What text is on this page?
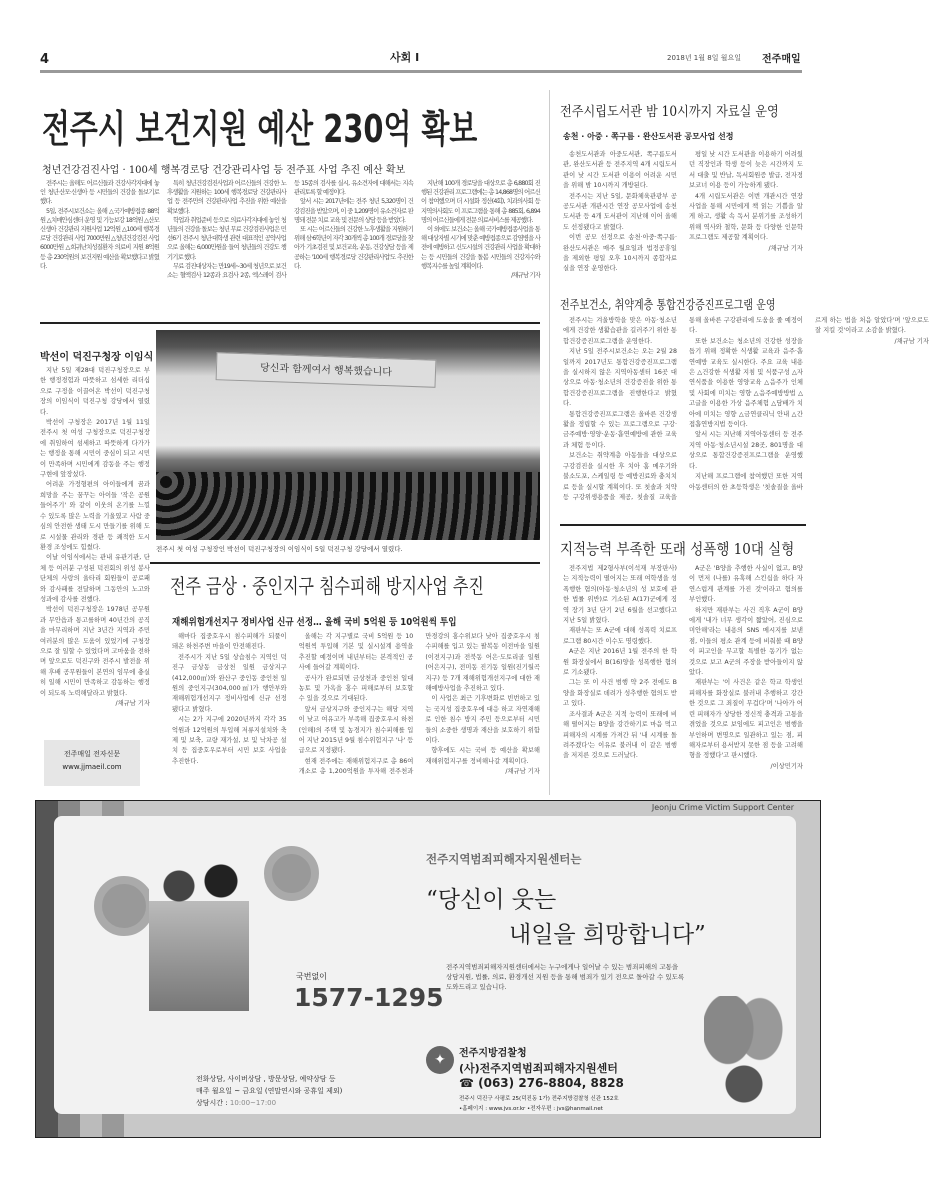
4	사회 I	2018년 1월 8일 월요일 전주매일
전주시 보건지원 예산 230억 확보
청년건강검진사업 · 100세 행복경로당 건강관리사업 등 전주표 사업 추진 예산 확보

전주시는 올해도 어르신들과 건강사각지대에 놓인 청년·산모·신생아 등 시민들의 건강을 돌보기로 했다.

5일, 전주시보건소는 올해 △국가예방접종 88억원 △치매안심센터 운영 및 기능보강 18억원 △산모신생아 건강관리 지원사업 12억원 △100세 행복경로당 건강관리 사업 7000만원 △청년건강검진 사업 6000만원 △희귀난치성질환자 의료비 지원 8억원 등 총 230억원의 보건지원 예산을 확보했다고 밝혔다.

특히 청년건강검진사업과 어르신들의 건강한 노후생활을 지원하는 100세 행복경로당 건강관리사업 등 전주만의 건강관리사업 추진을 위한 예산을 확보했다.

학업과 취업준비 등으로 의료사각지대에 놓인 청년들의 건강을 돌보는 청년 무료 건강검진사업은 민선6기 전주시 청년·대학생 관련 대표적인 공약사업으로 올해는 6,000만원을 들여 청년들의 건강도 챙기기로 했다.

무료 검진대상자는 만19세~30세 청년으로 보건소는 혈액검사 12종과 요검사 2종, 엑스레이 검사 등 15종의 검사를 실시, 유소견자에 대해서는 지속 관리토록 할 예정이다.

앞서 시는 2017년에는 전주 청년 5,320명이 건강검진을 받았으며, 이 중 1,209명이 유소견자로 판명돼 전문 치료 교육 및 전문의 상담 등을 받았다.

또 시는 어르신들의 건강한 노후생활을 지원하기 위해 삼·6학년이 자각 30개씩 총 100개 경로당을 찾아가 기초검진 및 보건교육, 운동, 건강상담 등을 제공하는 '100세 행복경로당 건강관리사업'도 추진한다.

지난해 100개 경로당을 대상으로 총 6,880회 진행된 건강관리 프로그램에는 총 14,868명의 어르신이 참여했으며 더 시설화 정산(4회), 치과의사회 등 지역의사회도 이 프로그램을 통해 총 885회, 6,894명의 어르신들에게 전문 의료서비스를 제공했다.

이 외에도 보건소는 올해 국가예방접종사업을 통해 대상자별 시기에 맞춘 예방접종으로 감염병을 사전에 예방하고 신도시설의 건강관리 사업을 확대하는 등 시민들의 건강을 돌봄 시민들의 건강지수와 행복지수를 높일 계획이다.

/채규남 기자
박선이 덕진구청장 이임식

지난 5일 제28대 덕진구청장으로 부한 행정경험과 따뜻하고 섬세한 리더십으로 구정을 이끌어온 박선이 덕진구청장의 이임식이 덕진구청 강당에서 열렸다.

박선이 구청장은 2017년 1월 11일 전주시 첫 여성 구청장으로 덕진구청장에 취임하여 섬세하고 따뜻하게 다가가는 행정을 통해 시민이 중심이 되고 시민이 만족하며 시민에게 감동을 주는 행정 구현에 앞장섰다.

어려운 가정형편의 아이들에게 꿈과 희망을 주는 꿈꾸는 아이들 '작은 공원 들어주기' 와 같이 이웃의 온기를 느낄 수 있도록 많은 노력을 기울였고 사람 중심의 안전한 생태 도시 만들기를 위해 도로 시설물 관리와 경관 등 쾌적한 도시 환경 조성에도 힘썼다.

이날 이임식에서는 관내 유관기관, 단체 등 여러분 구성된 덕진회의 위성 봉사단체의 사랑의 울타리 회원들이 공로패와 감사패를 전달하며 그동안의 노고와 성과에 감사를 전했다.

박선이 덕진구청장은 1978년 공무원과 무안읍과 통고를하며 40년간의 공직을 마무리하며 지난 3년간 지역과 주민 여러분의 많은 도움이 있었기에 구청장으로 잘 일할 수 있었다며 고마움을 전하며 앞으로도 덕진구와 전주시 발전을 위해 후배 공무원들이 본연의 임무에 충실히 일해 시민이 만족하고 감동하는 행정이 되도록 노력해달라고 밝혔다.

/채규남 기자
당신과 함께여서 행복했습니다
전주시 첫 여성 구청장인 박선이 덕진구청장의 이임식이 5일 덕진구청 강당에서 열렸다.
전주 금상 · 중인지구 침수피해 방지사업 추진
재해위험개선지구 정비사업 신규 선정… 올해 국비 5억원 등 10억원씩 투입

해마다 집중호우시 침수피해가 되풀이돼온 하천주변 마을이 안전해진다.

전주시가 지난 5일 상습침수 지역인 덕진구 금상동 금상천 일원 금상지구(412,000㎡)와 완산구 중인동 중인천 일원의 중인지구(304,000㎡)가 행안부와 재해위험개선지구 정비사업에 신규 선정됐다고 밝혔다.

시는 2가 지구에 2020년까지 각각 35억원과 12억원의 투입해 저류지설치와 축제 및 보축, 교량 재가설, 보 및 낙차공 설치 등 집중호우로부터 시민 보호 사업을 추진한다.

올해는 각 지구별로 국비 5억원 등 10억원씩 투입해 기본 및 실시설계 용역을 추진할 예정이며 내년부터는 본격적인 공사에 들어갈 계획이다.

공사가 완료되면 금상천과 중인천 일대 농토 및 가옥을 홍수 피해로부터 보호할 수 있을 것으로 기대된다.

앞서 금상지구와 중인지구는 해당 지역이 낮고 여유고가 부족해 집중호우시 하천(인해)의 주택 및 농경지가 침수피해를 입어 지난 2015년 9월 침수위험지구 '나' 등급으로 지정됐다.

현재 전주에는 재해위험지구로 총 86여 개소로 총 1,200억원을 투자해 전주천과 만경강의 홍수위보다 낮아 집중호우시 침수피해를 입고 있는 팔복동 이전마을 일원(이전지구)과 전북동 어은·도토리골 일원(어은지구), 전미동 진기동 일원(진기월곡지구) 등 7개 재해위험개선지구에 대한 재해예방사업을 추진하고 있다.

이 사업은 최근 기후변화로 빈번하고 있는 국지성 집중호우에 대응 하고 자연재해로 인한 침수 방지 주민 등으로부터 시민들의 소중한 생명과 재산을 보호하기 위함이다.

향후에도 시는 국비 등 예산을 확보해 재해위험지구를 정비해나갈 계획이다.

/채규남 기자
전주매일 전자신문
www.jjmaeil.com
전주시립도서관 밤 10시까지 자료실 운영
송천 · 아중 · 쪽구름 · 완산도서관 공모사업 선정

송천도서관과 아중도서관, 쪽구름도서관, 완산도서관 등 전주지역 4개 시립도서관이 낮 시간 도서관 이용이 어려운 시민을 위해 밤 10시까지 개방된다.

전주시는 지난 5일, 문화체육관광부 공공도서관 개관시간 연장 공모사업에 송천도서관 등 4개 도서관이 지난해 이어 올해도 선정됐다고 밝혔다.

이번 공모 선정으로 송천·아중·쪽구름·완산도서관은 매주 월요일과 법정공휴일을 제외한 평일 오후 10시까지 종합자료실을 연장 운영한다.

평일 낮 시간 도서관을 이용하기 어려웠던 직장인과 학생 등이 늦은 시간까지 도서 대출 및 반납, 독서회원증 발급, 전자정보코너 이용 등이 가능하게 됐다.

4개 시립도서관은 이번 개관시간 연장사업을 통해 시민에게 책 읽는 기쁨을 알게 하고, 생활 속 독서 분위기를 조성하기 위해 역사와 철학, 문화 등 다양한 인문학 프로그램도 제공할 계획이다.

/채규남 기자
전주보건소, 취약계층 통합건강증진프로그램 운영

전주시는 겨울방학을 맞은 아동·청소년에게 건강한 생활습관을 길러주기 위한 통합건강증진프로그램을 운영한다.

지난 5일 전주시보건소는 오는 2월 28일까지 2017년도 통합건강증진프로그램을 실시하지 않은 지역아동센터 16곳 대상으로 아동·청소년의 건강증진을 위한 통합건강증진프로그램을 진행한다고 밝혔다.

통합건강증진프로그램은 올바른 건강생활을 정립할 수 있는 프로그램으로 구강·금주예방·영양·운동·흡연예방에 관한 교육과 체험 등이다.

보건소는 취약계층 아동들을 대상으로 구강검진을 실시한 후 치아 홈 메우기와 불소도포, 스케일링 등 예방진료와 충치치료 등을 실시할 계획이다. 또 칫솔과 치약 등 구강위생용품을 제공, 칫솔질 교육을 통해 올바른 구강관리에 도움을 줄 예정이다.

또한 보건소는 청소년의 건강한 성장을 돕기 위해 정확한 식생활 교육과 음주·흡연예방 교육도 실시한다. 주요 교육 내용은 △건강한 식생활 지침 및 식품구성 △자연식품을 이용한 영양교육 △음주가 인체 및 사회에 미치는 영향 △음주예방방법 △고글을 이용한 가상 음주체험 △담배가 치아에 미치는 영향 △금연클리닉 안내 △간접흡연방지법 등이다.

앞서 시는 지난해 지역아동센터 등 전주지역 아동·청소년시설 28곳, 801명을 대상으로 통합건강증진프로그램을 운영했다.

지난해 프로그램에 참여했던 또한 지역아동센터의 한 초등학생은 '칫솔질을 올바르게 하는 법을 처음 알았다'며 '앞으로도 잘 지킬 것'이라고 소감을 밝혔다.

/채규남 기자
지적능력 부족한 또래 성폭행 10대 실형

전주지법 제2형사부(이석재 부장판사)는 지적능력이 떨어지는 또래 여학생을 성폭행한 혐의(아동·청소년의 성 보호에 관한 법률 위반)로 기소된 A(17)군에게 징역 장기 3년 단기 2년 6월을 선고했다고 지난 5일 밝혔다.

재판부는 또 A군에 대해 성폭력 치료프로그램 80시간 이수도 명령했다.

A군은 지난 2016년 1월 전주의 한 학원 화장실에서 B(16)양을 성폭행한 혐의로 기소됐다.

그는 또 이 사건 범행 약 2주 전에도 B양을 화장실로 데려가 성추행한 혐의도 받고 있다.

조사결과 A군은 지적 능력이 또래에 비해 떨어지는 B양을 강간하기로 마음 먹고 피해자의 시계를 가져간 뒤 '내 시계를 돌려주겠다'는 이유로 불러내 이 같은 범행을 저지른 것으로 드러났다.

A군은 'B양을 추행한 사실이 없고, B양이 먼저 (나를) 유혹해 스킨십을 하다 자연스럽게 관계를 가진 것'이라고 혐의를 부인했다.

하지만 재판부는 사건 직후 A군이 B양에게 '내가 너무 생각이 짧았어, 진심으로 미안해'라는 내용의 SNS 메시지를 보낸 점, 이들의 평소 관계 등에 비춰볼 때 B양이 피고인을 무고할 특별한 동기가 없는 것으로 보고 A군의 주장을 받아들이지 않았다.

재판부는 '이 사건은 같은 학교 학생인 피해자를 화장실로 불러내 추행하고 강간한 것으로 그 죄질이 무겁다'며 '나아가 어린 피해자가 상당한 정신적 충격과 고통을 겪었을 것으로 보임에도 피고인은 범행을 부인하며 변명으로 일관하고 있는 점, 피해자로부터 용서받지 못한 점 등을 고려해 형을 정했다'고 판시했다.

/이상민기자
Jeonju Crime Victim Support Center
전주지역범죄피해자지원센터는
“당신이 웃는
내일을 희망합니다”
전주지역범죄피해자지원센터에서는 누구에게나 일어날 수 있는 범죄피해의 고통을 상담지원, 법률, 의료, 환경개선 지원 등을 통해 범죄가 있기 전으로 돌아갈 수 있도록 도와드리고 있습니다.
국번없이
1577-1295
전화상담, 사이버상담 , 방문상담, 예약상담 등
매주 월요일 ~ 금요일 (연말연시와 공휴일 제외)
상담시간 : 10:00~17:00
✦	전주지방검찰청
(사)전주지역범죄피해자지원센터
☎ (063) 276-8804, 8828
전주시 덕진구 사평로 25(덕진동 1가) 전주지방검찰청 신관 152호
•홈페이지 : www.jvs.or.kr •전자우편 : jvs@hanmail.net
